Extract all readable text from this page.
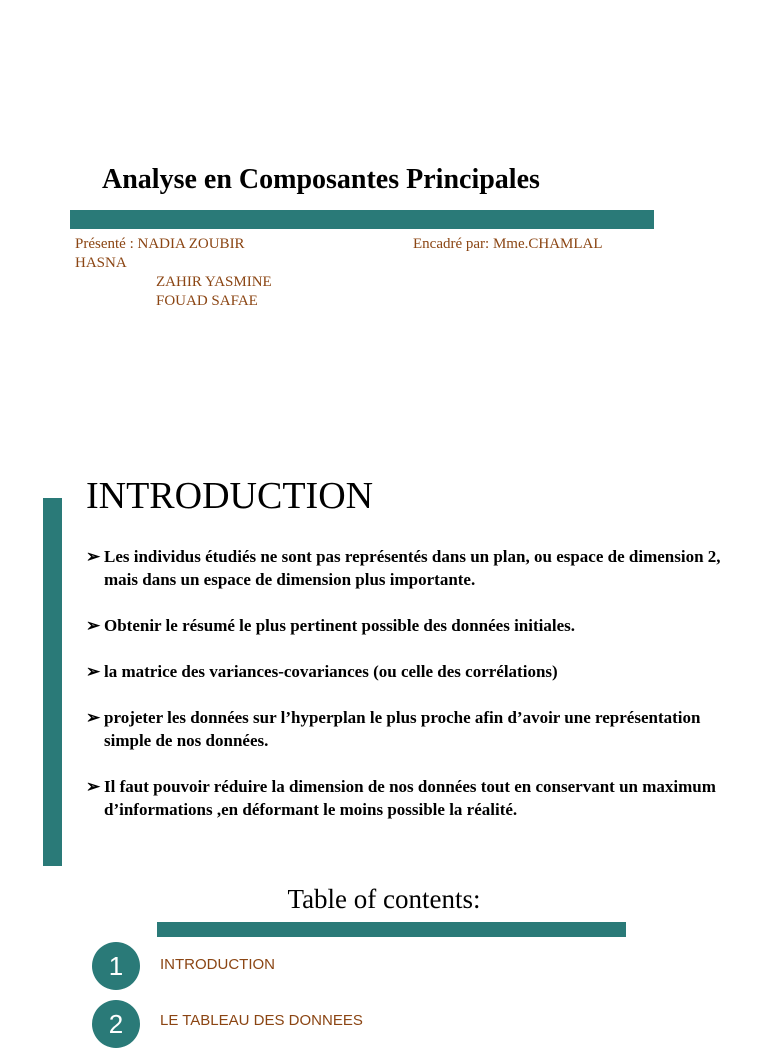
Analyse en Composantes Principales
Présenté : NADIA ZOUBIR	Encadré par: Mme.CHAMLAL
HASNA
ZAHIR YASMINE
FOUAD SAFAE
INTRODUCTION
➢ Les individus étudiés ne sont pas représentés dans un plan, ou espace de dimension 2, mais dans un espace de dimension plus importante.
➢ Obtenir le résumé le plus pertinent possible des données initiales.
➢ la matrice des variances-covariances (ou celle des corrélations)
➢ projeter les données sur l’hyperplan le plus proche afin d’avoir une représentation simple de nos données.
➢ Il faut pouvoir réduire la dimension de nos données tout en conservant un maximum d’informations ,en déformant le moins possible la réalité.
Table of contents:
1	INTRODUCTION
2	LE TABLEAU DES DONNEES
